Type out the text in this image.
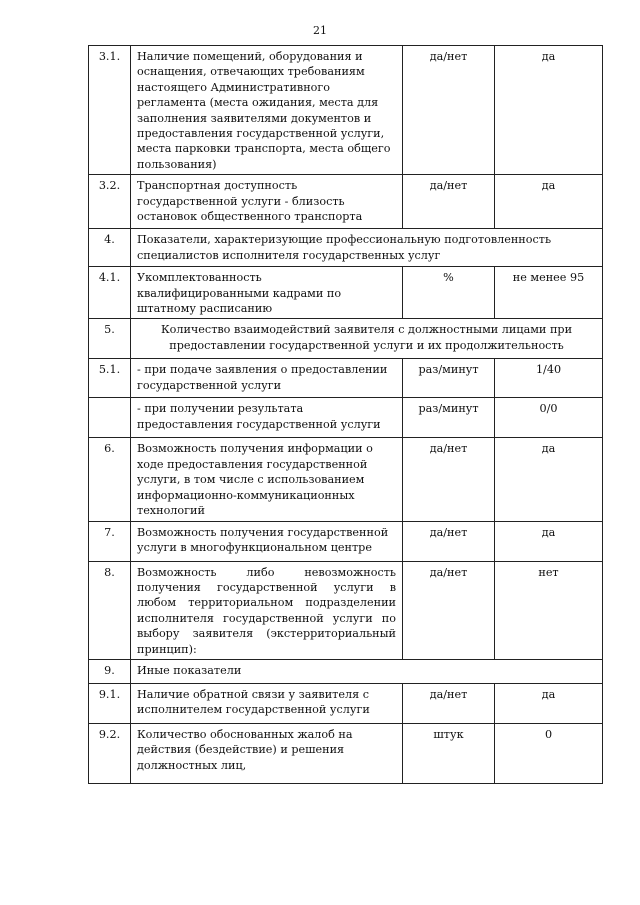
21
3.1.	Наличие помещений, оборудования и оснащения, отвечающих требованиям настоящего Административного регламента (места ожидания, места для заполнения заявителями документов и предоставления государственной услуги, места парковки транспорта, места общего пользования)	да/нет	да
3.2.	Транспортная доступность государственной услуги - близость остановок общественного транспорта	да/нет	да
4.	Показатели, характеризующие профессиональную подготовленность специалистов исполнителя государственных услуг		
4.1.	Укомплектованность квалифицированными кадрами по штатному расписанию	%	не менее 95
5.	Количество взаимодействий заявителя с должностными лицами при предоставлении государственной услуги и их продолжительность		
5.1.	- при подаче заявления о предоставлении государственной услуги	раз/минут	1/40
	- при получении результата предоставления государственной услуги	раз/минут	0/0
6.	Возможность получения информации о ходе предоставления государственной услуги, в том числе с использованием информационно-коммуникационных технологий	да/нет	да
7.	Возможность получения государственной услуги в многофункциональном центре	да/нет	да
8.	Возможность либо невозможность получения государственной услуги в любом территориальном подразделении исполнителя государственной услуги по выбору заявителя (экстерриториальный принцип):	да/нет	нет
9.	Иные показатели		
9.1.	Наличие обратной связи у заявителя с исполнителем государственной услуги	да/нет	да
9.2.	Количество обоснованных жалоб на действия (бездействие) и решения должностных лиц,	штук	0
